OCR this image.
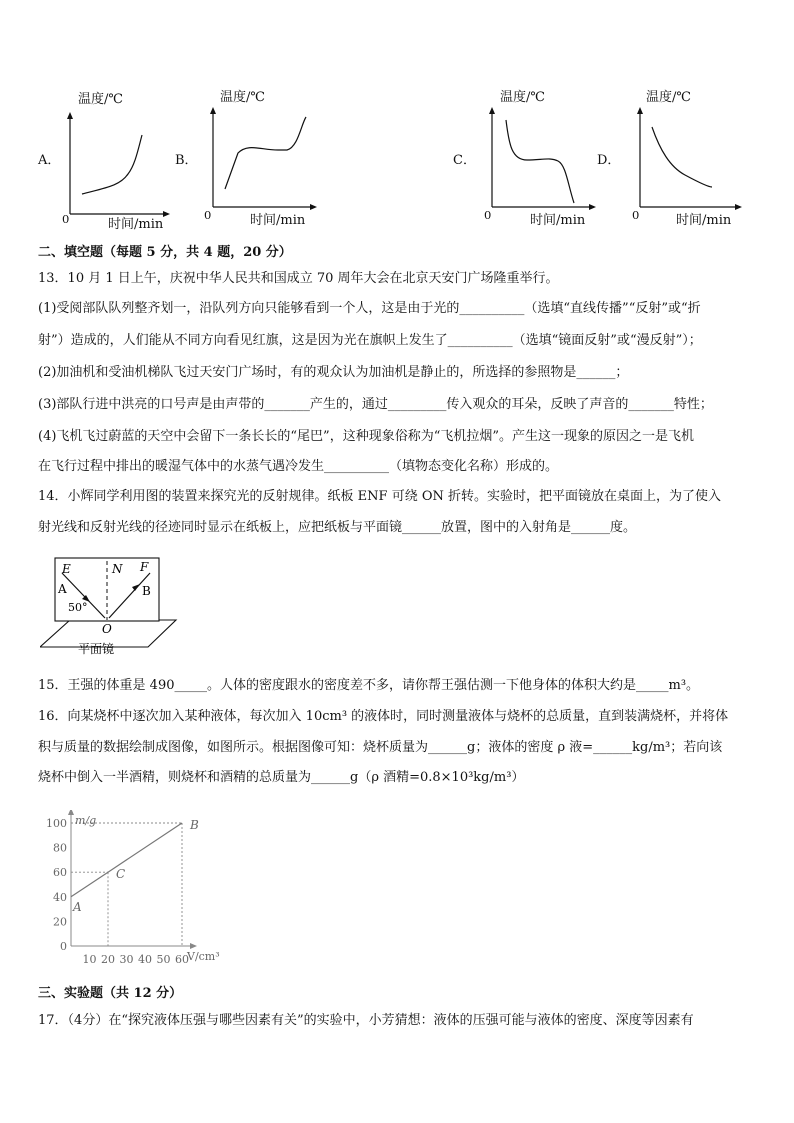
A．
温度/℃
0	时间/min
B．
温度/℃
0	时间/min
C．
温度/℃
0	时间/min
D．
温度/℃
0	时间/min
二、填空题（每题 5 分，共 4 题，20 分）
13．10 月 1 日上午，庆祝中华人民共和国成立 70 周年大会在北京天安门广场隆重举行。
(1)受阅部队队列整齐划一，沿队列方向只能够看到一个人，这是由于光的__________（选填“直线传播”“反射”或“折
射”）造成的，人们能从不同方向看见红旗，这是因为光在旗帜上发生了__________（选填“镜面反射”或“漫反射”）；
(2)加油机和受油机梯队飞过天安门广场时，有的观众认为加油机是静止的，所选择的参照物是______；
(3)部队行进中洪亮的口号声是由声带的_______产生的，通过_________传入观众的耳朵，反映了声音的_______特性；
(4)飞机飞过蔚蓝的天空中会留下一条长长的“尾巴”，这种现象俗称为“飞机拉烟”。产生这一现象的原因之一是飞机
在飞行过程中排出的暖湿气体中的水蒸气遇冷发生__________（填物态变化名称）形成的。
14．小辉同学利用图的装置来探究光的反射规律。纸板 ENF 可绕 ON 折转。实验时，把平面镜放在桌面上，为了使入
射光线和反射光线的径迹同时显示在纸板上，应把纸板与平面镜______放置，图中的入射角是______度。
E	N F
A	B
50°
O
平面镜
15．王强的体重是 490_____。人体的密度跟水的密度差不多，请你帮王强估测一下他身体的体积大约是_____m³。
16．向某烧杯中逐次加入某种液体，每次加入 10cm³ 的液体时，同时测量液体与烧杯的总质量，直到装满烧杯，并将体
积与质量的数据绘制成图像，如图所示。根据图像可知：烧杯质量为______g；液体的密度 ρ 液=______kg/m³；若向该
烧杯中倒入一半酒精，则烧杯和酒精的总质量为______g（ρ 酒精=0.8×10³kg/m³）
0
20
40
60
80
100
10 20 30 40 50 60
A
C
B
m/g
V/cm³
三、实验题（共 12 分）
17．（4分）在“探究液体压强与哪些因素有关”的实验中，小芳猜想：液体的压强可能与液体的密度、深度等因素有
